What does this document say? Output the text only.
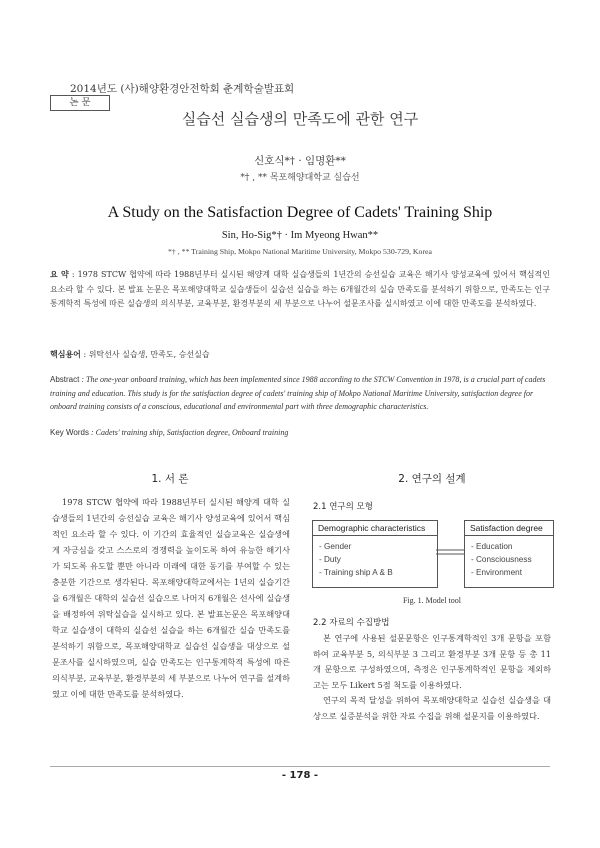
2014년도 (사)해양환경안전학회 춘계학술발표회
논 문
실습선 실습생의 만족도에 관한 연구
신호식*† · 임명환**
*† , ** 목포해양대학교 실습선
A Study on the Satisfaction Degree of Cadets' Training Ship
Sin, Ho-Sig*† · Im Myeong Hwan**
*† , ** Training Ship, Mokpo National Maritime University, Mokpo 530-729, Korea
요 약 : 1978 STCW 협약에 따라 1988년부터 실시된 해양계 대학 실습생들의 1년간의 승선실습 교육은 해기사 양성교육에 있어서 핵심적인 요소라 할 수 있다. 본 발표 논문은 목포해양대학교 실습생들이 실습선 실습을 하는 6개월간의 실습 만족도를 분석하기 위함으로, 만족도는 인구통계학적 특성에 따른 실습생의 의식부분, 교육부분, 환경부분의 세 부분으로 나누어 설문조사를 실시하였고 이에 대한 만족도를 분석하였다.
핵심용어 : 위탁선사 실습생, 만족도, 승선실습
Abstract : The one-year onboard training, which has been implemented since 1988 according to the STCW Convention in 1978, is a crucial part of cadets training and education. This study is for the satisfaction degree of cadets' training ship of Mokpo National Maritime University, satisfaction degree for onboard training consists of a conscious, educational and environmental part with three demographic characteristics.
Key Words : Cadets' training ship, Satisfaction degree, Onboard training
1. 서 론

1978 STCW 협약에 따라 1988년부터 실시된 해양계 대학 실습생들의 1년간의 승선실습 교육은 해기사 양성교육에 있어서 핵심적인 요소라 할 수 있다. 이 기간의 효율적인 실습교육은 실습생에게 자긍심을 갖고 스스로의 경쟁력을 높이도록 하여 유능한 해기사가 되도록 유도할 뿐만 아니라 미래에 대한 동기를 부여할 수 있는 충분한 기간으로 생각된다. 목포해양대학교에서는 1년의 실습기간을 6개월은 대학의 실습선 실습으로 나머지 6개월은 선사에 실습생을 배정하여 위탁실습을 실시하고 있다. 본 발표논문은 목포해양대학교 실습생이 대학의 실습선 실습을 하는 6개월간 실습 만족도를 분석하기 위함으로, 목포해양대학교 실습선 실습생을 대상으로 설문조사를 실시하였으며, 실습 만족도는 인구통계학적 특성에 따른 의식부분, 교육부분, 환경부분의 세 부분으로 나누어 연구를 설계하였고 이에 대한 만족도를 분석하였다.

2. 연구의 설계
2.1 연구의 모형
Demographic characteristics
- Gender
- Duty
- Training ship A & B
Satisfaction degree
- Education
- Consciousness
- Environment
Fig. 1. Model tool
2.2 자료의 수집방법

본 연구에 사용된 설문문항은 인구통계학적인 3개 문항을 포함하여 교육부분 5, 의식부분 3 그리고 환경부분 3개 문항 등 총 11개 문항으로 구성하였으며, 측정은 인구통계학적인 문항을 제외하고는 모두 Likert 5점 척도를 이용하였다.

연구의 목적 달성을 위하여 목포해양대학교 실습선 실습생을 대상으로 실증분석을 위한 자료 수집을 위해 설문지를 이용하였다.

- 178 -
